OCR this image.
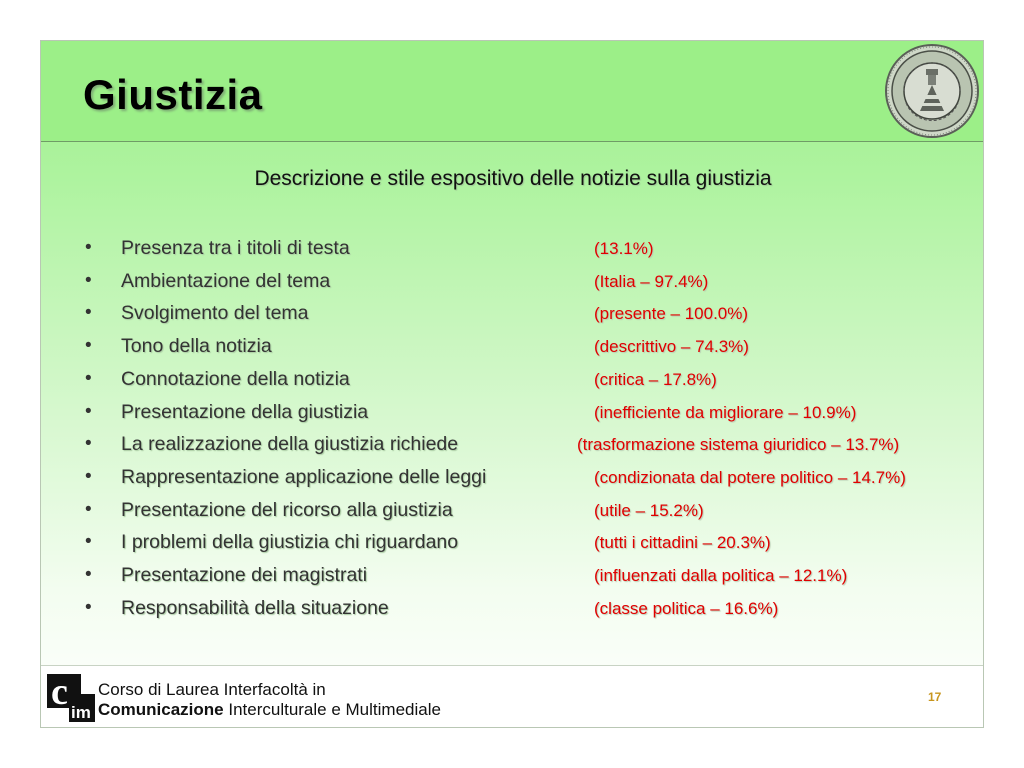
Giustizia
Descrizione e stile espositivo delle notizie sulla giustizia
• Presenza tra i titoli di testa	(13.1%)
• Ambientazione del tema	(Italia – 97.4%)
• Svolgimento del tema	(presente – 100.0%)
• Tono della notizia	(descrittivo – 74.3%)
• Connotazione della notizia	(critica – 17.8%)
• Presentazione della giustizia	(inefficiente da migliorare – 10.9%)
• La realizzazione della giustizia richiede	(trasformazione sistema giuridico – 13.7%)
• Rappresentazione applicazione delle leggi	(condizionata dal potere politico – 14.7%)
• Presentazione del ricorso alla giustizia	(utile – 15.2%)
• I problemi della giustizia chi riguardano	(tutti i cittadini – 20.3%)
• Presentazione dei magistrati	(influenzati dalla politica – 12.1%)
• Responsabilità della situazione	(classe politica – 16.6%)
c im
Corso di Laurea Interfacoltà in
Comunicazione Interculturale e Multimediale
17
